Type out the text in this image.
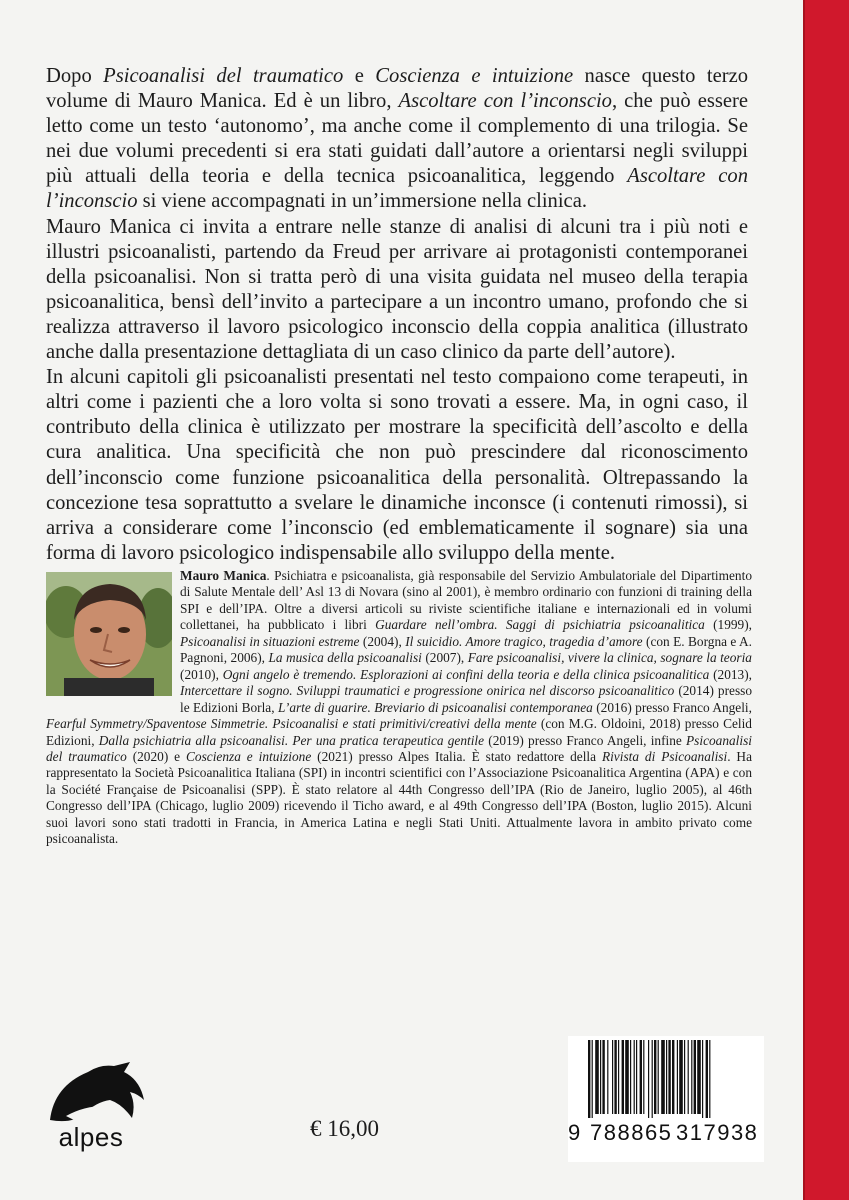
Dopo Psicoanalisi del traumatico e Coscienza e intuizione nasce questo terzo volume di Mauro Manica. Ed è un libro, Ascoltare con l’inconscio, che può essere letto come un testo ‘autonomo’, ma anche come il complemento di una trilogia. Se nei due volumi precedenti si era stati guidati dall’autore a orientarsi negli sviluppi più attuali della teoria e della tecnica psicoanalitica, leggendo Ascoltare con l’inconscio si viene accompagnati in un’immersione nella clinica.

Mauro Manica ci invita a entrare nelle stanze di analisi di alcuni tra i più noti e illustri psicoanalisti, partendo da Freud per arrivare ai protagonisti contemporanei della psicoanalisi. Non si tratta però di una visita guidata nel museo della terapia psicoanalitica, bensì dell’invito a partecipare a un incontro umano, profondo che si realizza attraverso il lavoro psicologico inconscio della coppia analitica (illustrato anche dalla presentazione dettagliata di un caso clinico da parte dell’autore).

In alcuni capitoli gli psicoanalisti presentati nel testo compaiono come terapeuti, in altri come i pazienti che a loro volta si sono trovati a essere. Ma, in ogni caso, il contributo della clinica è utilizzato per mostrare la specificità dell’ascolto e della cura analitica. Una specificità che non può prescindere dal riconoscimento dell’inconscio come funzione psicoanalitica della personalità. Oltrepassando la concezione tesa soprattutto a svelare le dinamiche inconsce (i contenuti rimossi), si arriva a considerare come l’inconscio (ed emblematicamente il sognare) sia una forma di lavoro psicologico indispensabile allo sviluppo della mente.

Mauro Manica. Psichiatra e psicoanalista, già responsabile del Servizio Ambulatoriale del Dipartimento di Salute Mentale dell’ Asl 13 di Novara (sino al 2001), è membro ordinario con funzioni di training della SPI e dell’IPA. Oltre a diversi articoli su riviste scientifiche italiane e internazionali ed in volumi collettanei, ha pubblicato i libri Guardare nell’ombra. Saggi di psichiatria psicoanalitica (1999), Psicoanalisi in situazioni estreme (2004), Il suicidio. Amore tragico, tragedia d’amore (con E. Borgna e A. Pagnoni, 2006), La musica della psicoanalisi (2007), Fare psicoanalisi, vivere la clinica, sognare la teoria (2010), Ogni angelo è tremendo. Esplorazioni ai confini della teoria e della clinica psicoanalitica (2013), Intercettare il sogno. Sviluppi traumatici e progressione onirica nel discorso psicoanalitico (2014) presso le Edizioni Borla, L’arte di guarire. Breviario di psicoanalisi contemporanea (2016) presso Franco Angeli, Fearful Symmetry/Spaventose Simmetrie. Psicoanalisi e stati primitivi/creativi della mente (con M.G. Oldoini, 2018) presso Celid Edizioni, Dalla psichiatria alla psicoanalisi. Per una pratica terapeutica gentile (2019) presso Franco Angeli, infine Psicoanalisi del traumatico (2020) e Coscienza e intuizione (2021) presso Alpes Italia. È stato redattore della Rivista di Psicoanalisi. Ha rappresentato la Società Psicoanalitica Italiana (SPI) in incontri scientifici con l’Associazione Psicoanalitica Argentina (APA) e con la Société Française de Psicoanalisi (SPP). È stato relatore al 44th Congresso dell’IPA (Rio de Janeiro, luglio 2005), al 46th Congresso dell’IPA (Chicago, luglio 2009) ricevendo il Ticho award, e al 49th Congresso dell’IPA (Boston, luglio 2015). Alcuni suoi lavori sono stati tradotti in Francia, in America Latina e negli Stati Uniti. Attualmente lavora in ambito privato come psicoanalista.

alpes	€ 16,00	9 788865 317938
